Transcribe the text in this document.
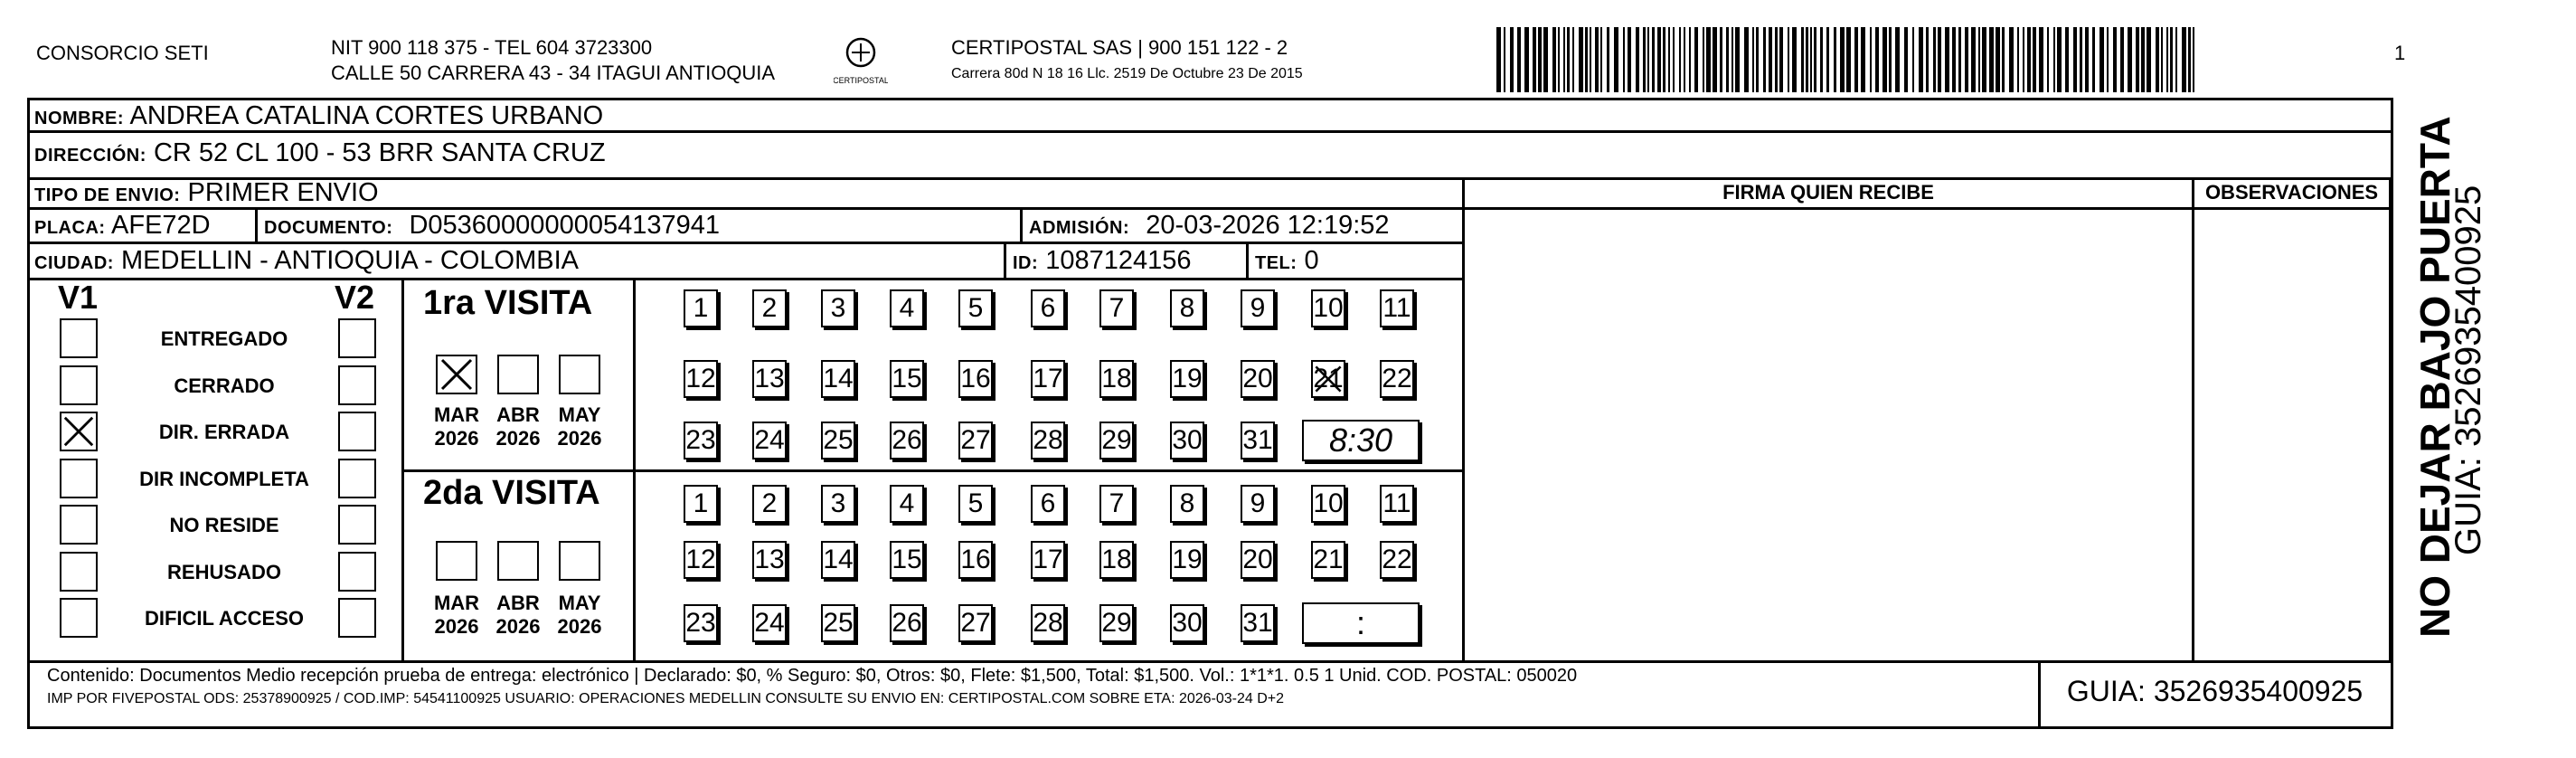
CONSORCIO SETI	NIT 900 118 375 - TEL 604 3723300
CALLE 50 CARRERA 43 - 34 ITAGUI ANTIOQUIA	CERTIPOSTAL
CERTIPOSTAL SAS | 900 151 122 - 2
Carrera 80d N 18 16 Llc. 2519 De Octubre 23 De 2015
1
NOMBRE: ANDREA CATALINA CORTES URBANO
DIRECCIÓN: CR 52 CL 100 - 53 BRR SANTA CRUZ
TIPO DE ENVIO: PRIMER ENVIO
PLACA: AFE72D	DOCUMENTO: D05360000000054137941	ADMISIÓN: 20-03-2026 12:19:52
CIUDAD: MEDELLIN - ANTIOQUIA - COLOMBIA	ID: 1087124156	TEL: 0
FIRMA QUIEN RECIBE	OBSERVACIONES
V1	V2
ENTREGADO
CERRADO
DIR. ERRADA
DIR INCOMPLETA
NO RESIDE
REHUSADO
DIFICIL ACCESO
1ra VISITA
2da VISITA
1	2	3	4	5	6	7	8	9	10 11
12 13 14 15 16 17 18 19 20 21 22
23 24 25 26 27 28 29 30 31	8:30
1	2	3	4	5	6	7	8	9	10 11
12 13 14 15 16 17 18 19 20 21 22
23 24 25 26 27 28 29 30 31	:
MAR
2026
ABR
2026
MAY
2026
MAR
2026
ABR
2026
MAY
2026
Contenido: Documentos Medio recepción prueba de entrega: electrónico | Declarado: $0, % Seguro: $0, Otros: $0, Flete: $1,500, Total: $1,500. Vol.: 1*1*1. 0.5 1 Unid. COD. POSTAL: 050020
IMP POR FIVEPOSTAL ODS: 25378900925 / COD.IMP: 54541100925 USUARIO: OPERACIONES MEDELLIN CONSULTE SU ENVIO EN: CERTIPOSTAL.COM SOBRE ETA: 2026-03-24 D+2	GUIA: 3526935400925
NO DEJAR BAJO PUERTA
GUIA: 3526935400925
